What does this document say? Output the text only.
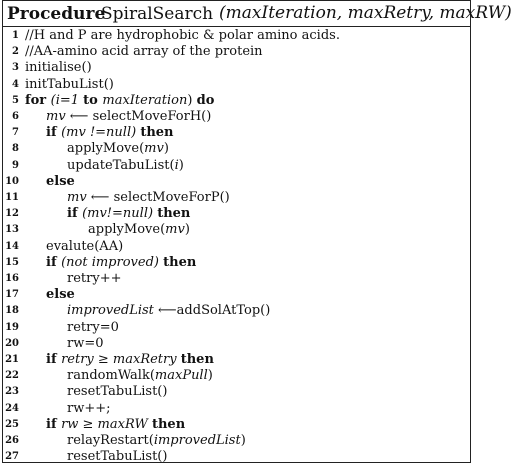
Procedure
SpiralSearch (maxIteration, maxRetry, maxRW)
1 //H and P are hydrophobic & polar amino acids.
2 //AA-amino acid array of the protein
3 initialise()
4 initTabuList()
5 for (i=1 to maxIteration) do
6 mv ⟵ selectMoveForH()
7 if (mv !=null) then
8	applyMove(mv)
9	updateTabuList(i)
10 else
11	mv ⟵ selectMoveForP()
12	if (mv!=null) then
13	applyMove(mv)
14 evalute(AA)
15 if (not improved) then
16	retry++
17 else
18	improvedList ⟵addSolAtTop()
19	retry=0
20	rw=0
21 if retry ≥ maxRetry then
22	randomWalk(maxPull)
23	resetTabuList()
24	rw++;
25 if rw ≥ maxRW then
26	relayRestart(improvedList)
27	resetTabuList()
